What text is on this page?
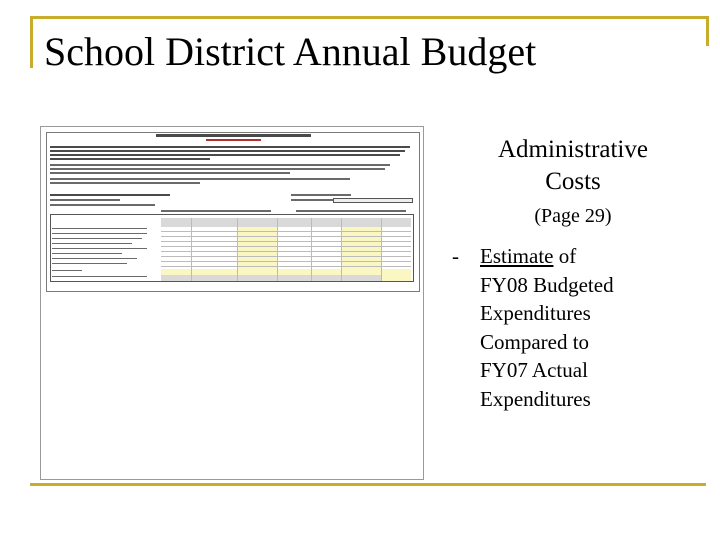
School District Annual Budget
Administrative
Costs
(Page 29)
- Estimate of
FY08 Budgeted
Expenditures
Compared to
FY07 Actual
Expenditures
